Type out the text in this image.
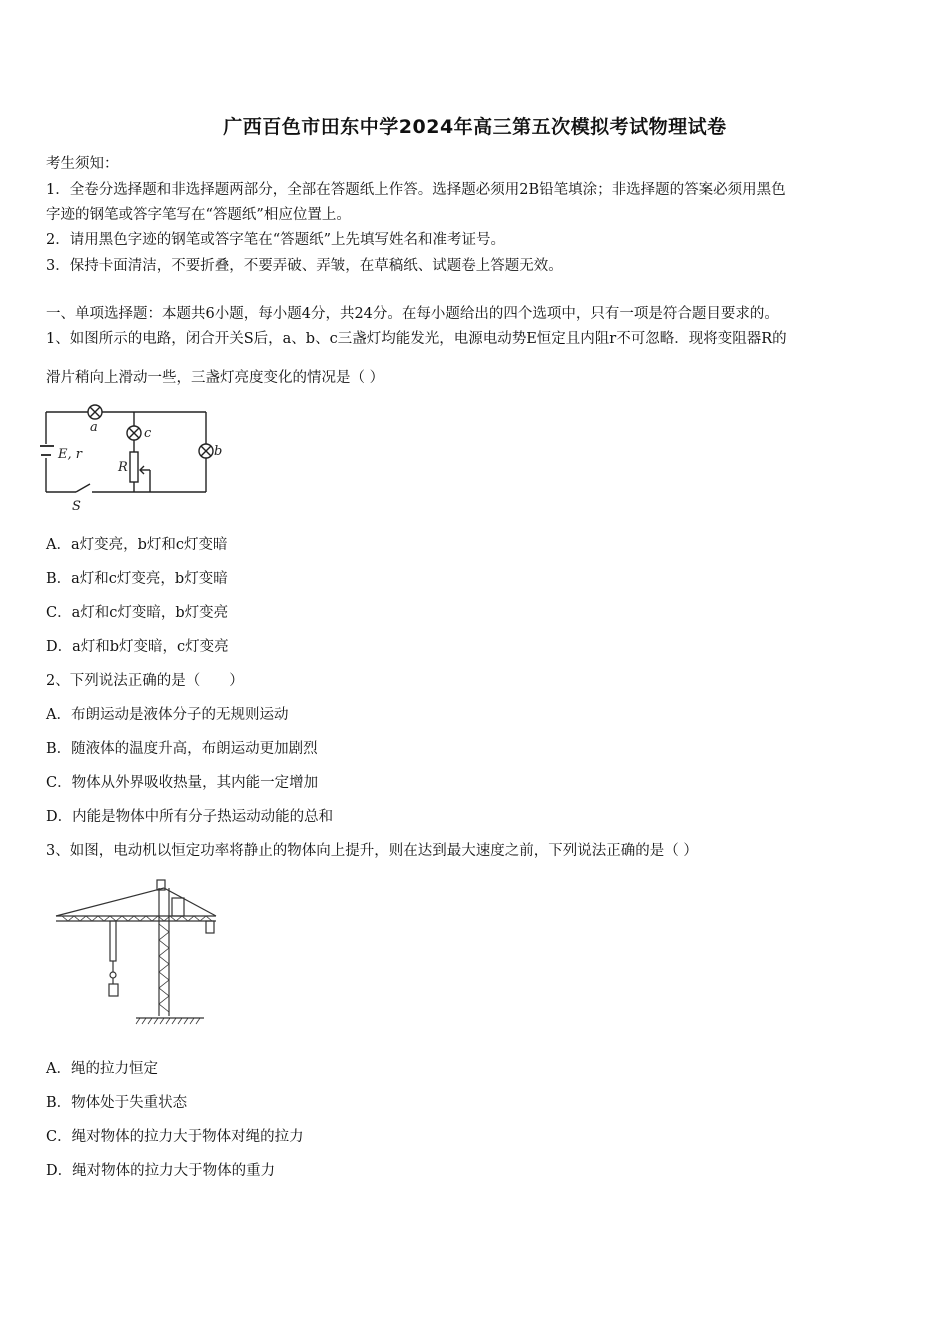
广西百色市田东中学2024年高三第五次模拟考试物理试卷
考生须知：
1．全卷分选择题和非选择题两部分，全部在答题纸上作答。选择题必须用2B铅笔填涂；非选择题的答案必须用黑色
字迹的钢笔或答字笔写在“答题纸”相应位置上。
2．请用黑色字迹的钢笔或答字笔在“答题纸”上先填写姓名和准考证号。
3．保持卡面清洁，不要折叠，不要弄破、弄皱，在草稿纸、试题卷上答题无效。
一、单项选择题：本题共6小题，每小题4分，共24分。在每小题给出的四个选项中，只有一项是符合题目要求的。
1、如图所示的电路，闭合开关S后，a、b、c三盏灯均能发光，电源电动势E恒定且内阻r不可忽略．现将变阻器R的
滑片稍向上滑动一些，三盏灯亮度变化的情况是（ ）
a	c
b
E, r
R
S
A．a灯变亮，b灯和c灯变暗
B．a灯和c灯变亮，b灯变暗
C．a灯和c灯变暗，b灯变亮
D．a灯和b灯变暗，c灯变亮
2、下列说法正确的是（　　）
A．布朗运动是液体分子的无规则运动
B．随液体的温度升高，布朗运动更加剧烈
C．物体从外界吸收热量，其内能一定增加
D．内能是物体中所有分子热运动动能的总和
3、如图，电动机以恒定功率将静止的物体向上提升，则在达到最大速度之前，下列说法正确的是（ ）
A．绳的拉力恒定
B．物体处于失重状态
C．绳对物体的拉力大于物体对绳的拉力
D．绳对物体的拉力大于物体的重力
